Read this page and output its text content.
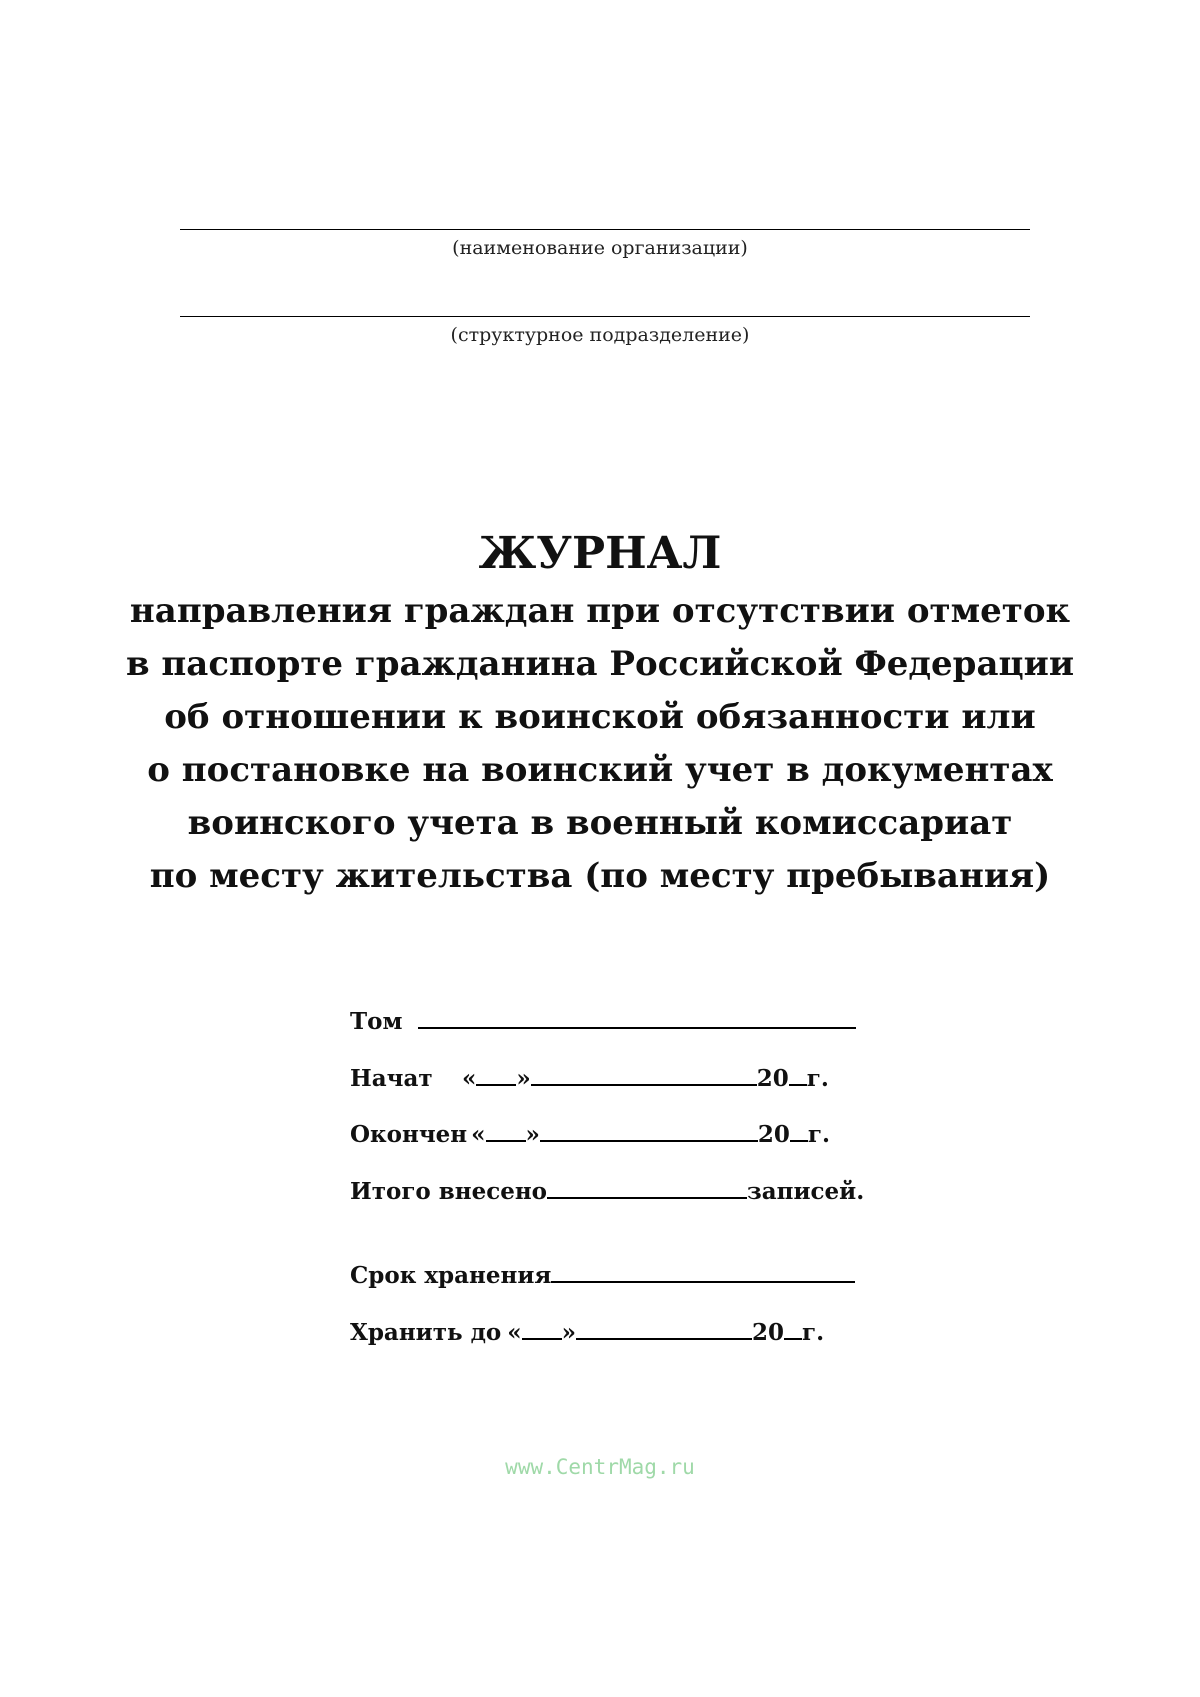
(наименование организации)
(структурное подразделение)
ЖУРНАЛ
направления граждан при отсутствии отметок
в паспорте гражданина Российской Федерации
об отношении к воинской обязанности или
о постановке на воинский учет в документах
воинского учета в военный комиссариат
по месту жительства (по месту пребывания)
Том
Начат « »	20 г.
Окончен « »	20 г.
Итого внесено	записей.
Срок хранения
Хранить до « »	20 г.
www.CentrMag.ru
